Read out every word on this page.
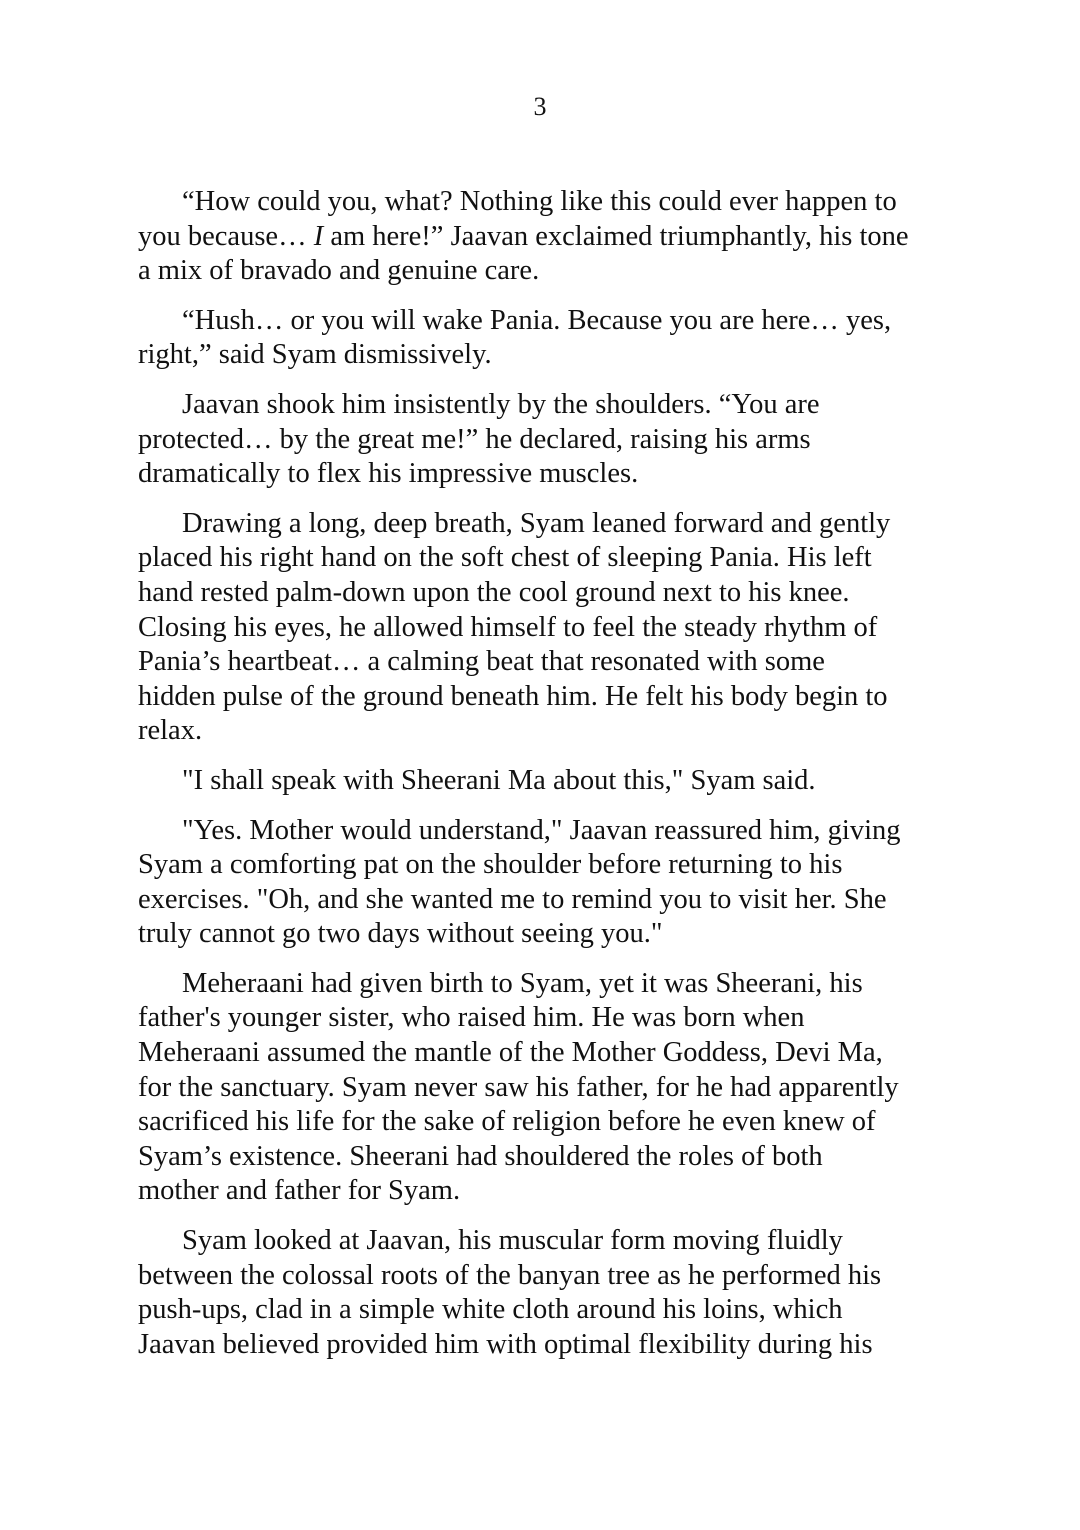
3

“How could you, what? Nothing like this could ever happen to
you because… I am here!” Jaavan exclaimed triumphantly, his tone
a mix of bravado and genuine care.

“Hush… or you will wake Pania. Because you are here… yes,
right,” said Syam dismissively.

Jaavan shook him insistently by the shoulders. “You are
protected… by the great me!” he declared, raising his arms
dramatically to flex his impressive muscles.

Drawing a long, deep breath, Syam leaned forward and gently
placed his right hand on the soft chest of sleeping Pania. His left
hand rested palm-down upon the cool ground next to his knee.
Closing his eyes, he allowed himself to feel the steady rhythm of
Pania’s heartbeat… a calming beat that resonated with some
hidden pulse of the ground beneath him. He felt his body begin to
relax.

"I shall speak with Sheerani Ma about this," Syam said.

"Yes. Mother would understand," Jaavan reassured him, giving
Syam a comforting pat on the shoulder before returning to his
exercises. "Oh, and she wanted me to remind you to visit her. She
truly cannot go two days without seeing you."

Meheraani had given birth to Syam, yet it was Sheerani, his
father's younger sister, who raised him. He was born when
Meheraani assumed the mantle of the Mother Goddess, Devi Ma,
for the sanctuary. Syam never saw his father, for he had apparently
sacrificed his life for the sake of religion before he even knew of
Syam’s existence. Sheerani had shouldered the roles of both
mother and father for Syam.

Syam looked at Jaavan, his muscular form moving fluidly
between the colossal roots of the banyan tree as he performed his
push-ups, clad in a simple white cloth around his loins, which
Jaavan believed provided him with optimal flexibility during his
